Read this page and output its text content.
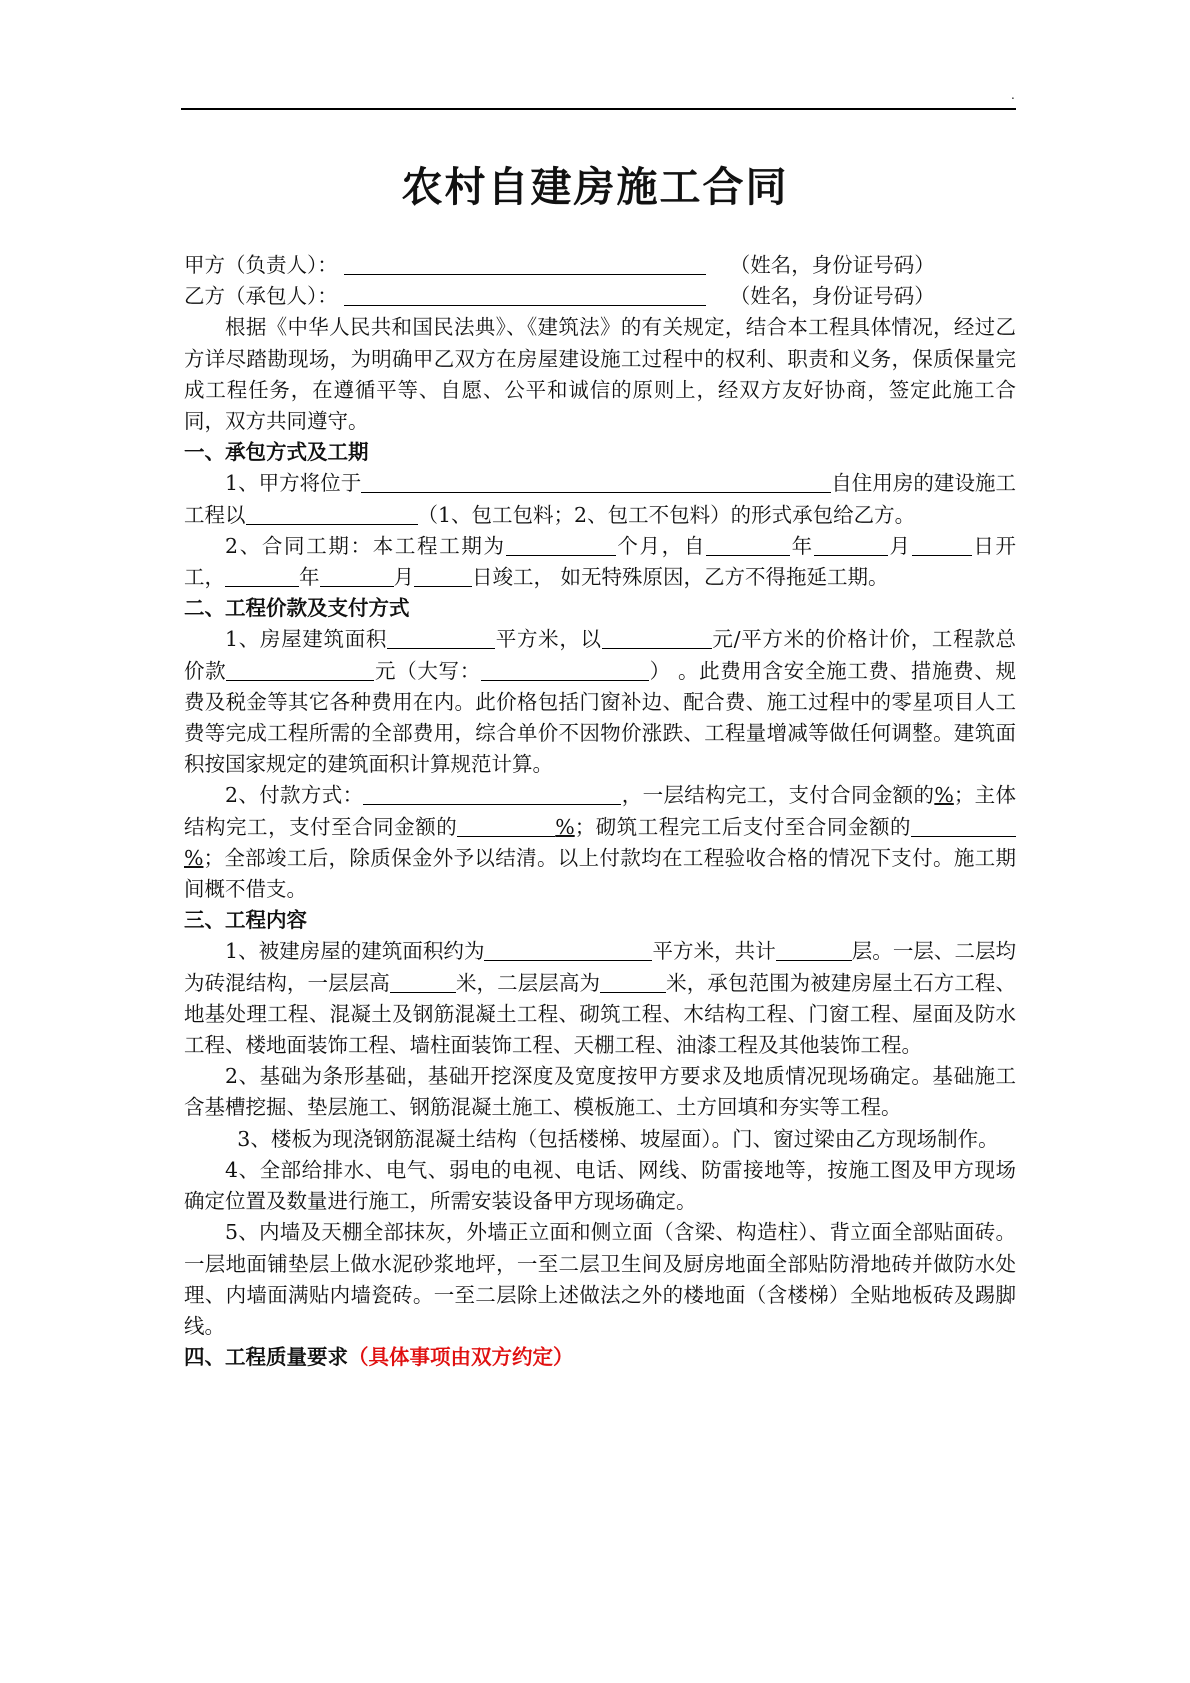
.
农村自建房施工合同

甲方（负责人）：	（姓名，身份证号码）

乙方（承包人）：	（姓名，身份证号码）

根据《中华人民共和国民法典》、《建筑法》的有关规定，结合本工程具体情况，经过乙方详尽踏勘现场，为明确甲乙双方在房屋建设施工过程中的权利、职责和义务，保质保量完成工程任务，在遵循平等、自愿、公平和诚信的原则上，经双方友好协商，签定此施工合同，双方共同遵守。

一、承包方式及工期

1、甲方将位于	自住用房的建设施工工程以	（1、包工包料；2、包工不包料）的形式承包给乙方。

2、合同工期：本工程工期为	个月，自	年	月	日开工，	年	月	日竣工， 如无特殊原因，乙方不得拖延工期。

二、工程价款及支付方式

1、房屋建筑面积	平方米，以	元/平方米的价格计价，工程款总价款	元（大写：	） 。此费用含安全施工费、措施费、规费及税金等其它各种费用在内。此价格包括门窗补边、配合费、施工过程中的零星项目人工费等完成工程所需的全部费用，综合单价不因物价涨跌、工程量增减等做任何调整。建筑面积按国家规定的建筑面积计算规范计算。

2、付款方式：	，一层结构完工，支付合同金额的%；主体结构完工，支付至合同金额的	%；砌筑工程完工后支付至合同金额的%；全部竣工后，除质保金外予以结清。以上付款均在工程验收合格的情况下支付。施工期间概不借支。

三、工程内容

1、被建房屋的建筑面积约为	平方米，共计	层。一层、二层均为砖混结构，一层层高	米，二层层高为	米，承包范围为被建房屋土石方工程、地基处理工程、混凝土及钢筋混凝土工程、砌筑工程、木结构工程、门窗工程、屋面及防水工程、楼地面装饰工程、墙柱面装饰工程、天棚工程、油漆工程及其他装饰工程。

2、基础为条形基础，基础开挖深度及宽度按甲方要求及地质情况现场确定。基础施工含基槽挖掘、垫层施工、钢筋混凝土施工、模板施工、土方回填和夯实等工程。

3、楼板为现浇钢筋混凝土结构（包括楼梯、坡屋面）。门、窗过梁由乙方现场制作。

4、全部给排水、电气、弱电的电视、电话、网线、防雷接地等，按施工图及甲方现场确定位置及数量进行施工，所需安装设备甲方现场确定。

5、内墙及天棚全部抹灰，外墙正立面和侧立面（含梁、构造柱）、背立面全部贴面砖。一层地面铺垫层上做水泥砂浆地坪，一至二层卫生间及厨房地面全部贴防滑地砖并做防水处理、内墙面满贴内墙瓷砖。一至二层除上述做法之外的楼地面（含楼梯）全贴地板砖及踢脚线。

四、工程质量要求（具体事项由双方约定）
